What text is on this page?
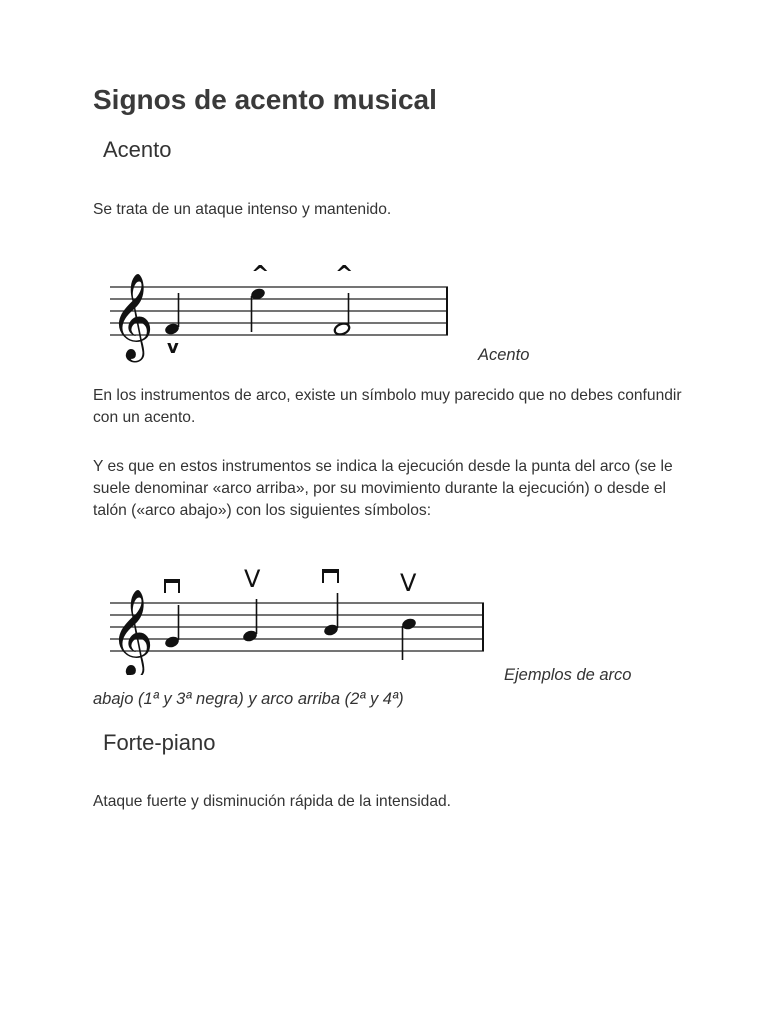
Signos de acento musical
Acento

Se trata de un ataque intenso y mantenido.

𝄞 v
^	^
Acento

En los instrumentos de arco, existe un símbolo muy parecido que no debes confundir con un acento.

Y es que en estos instrumentos se indica la ejecución desde la punta del arco (se le suele denominar «arco arriba», por su movimiento durante la ejecución) o desde el talón («arco abajo») con los siguientes símbolos:

𝄞
V	V
Ejemplos de arco
abajo (1ª y 3ª negra) y arco arriba (2ª y 4ª)
Forte-piano

Ataque fuerte y disminución rápida de la intensidad.
